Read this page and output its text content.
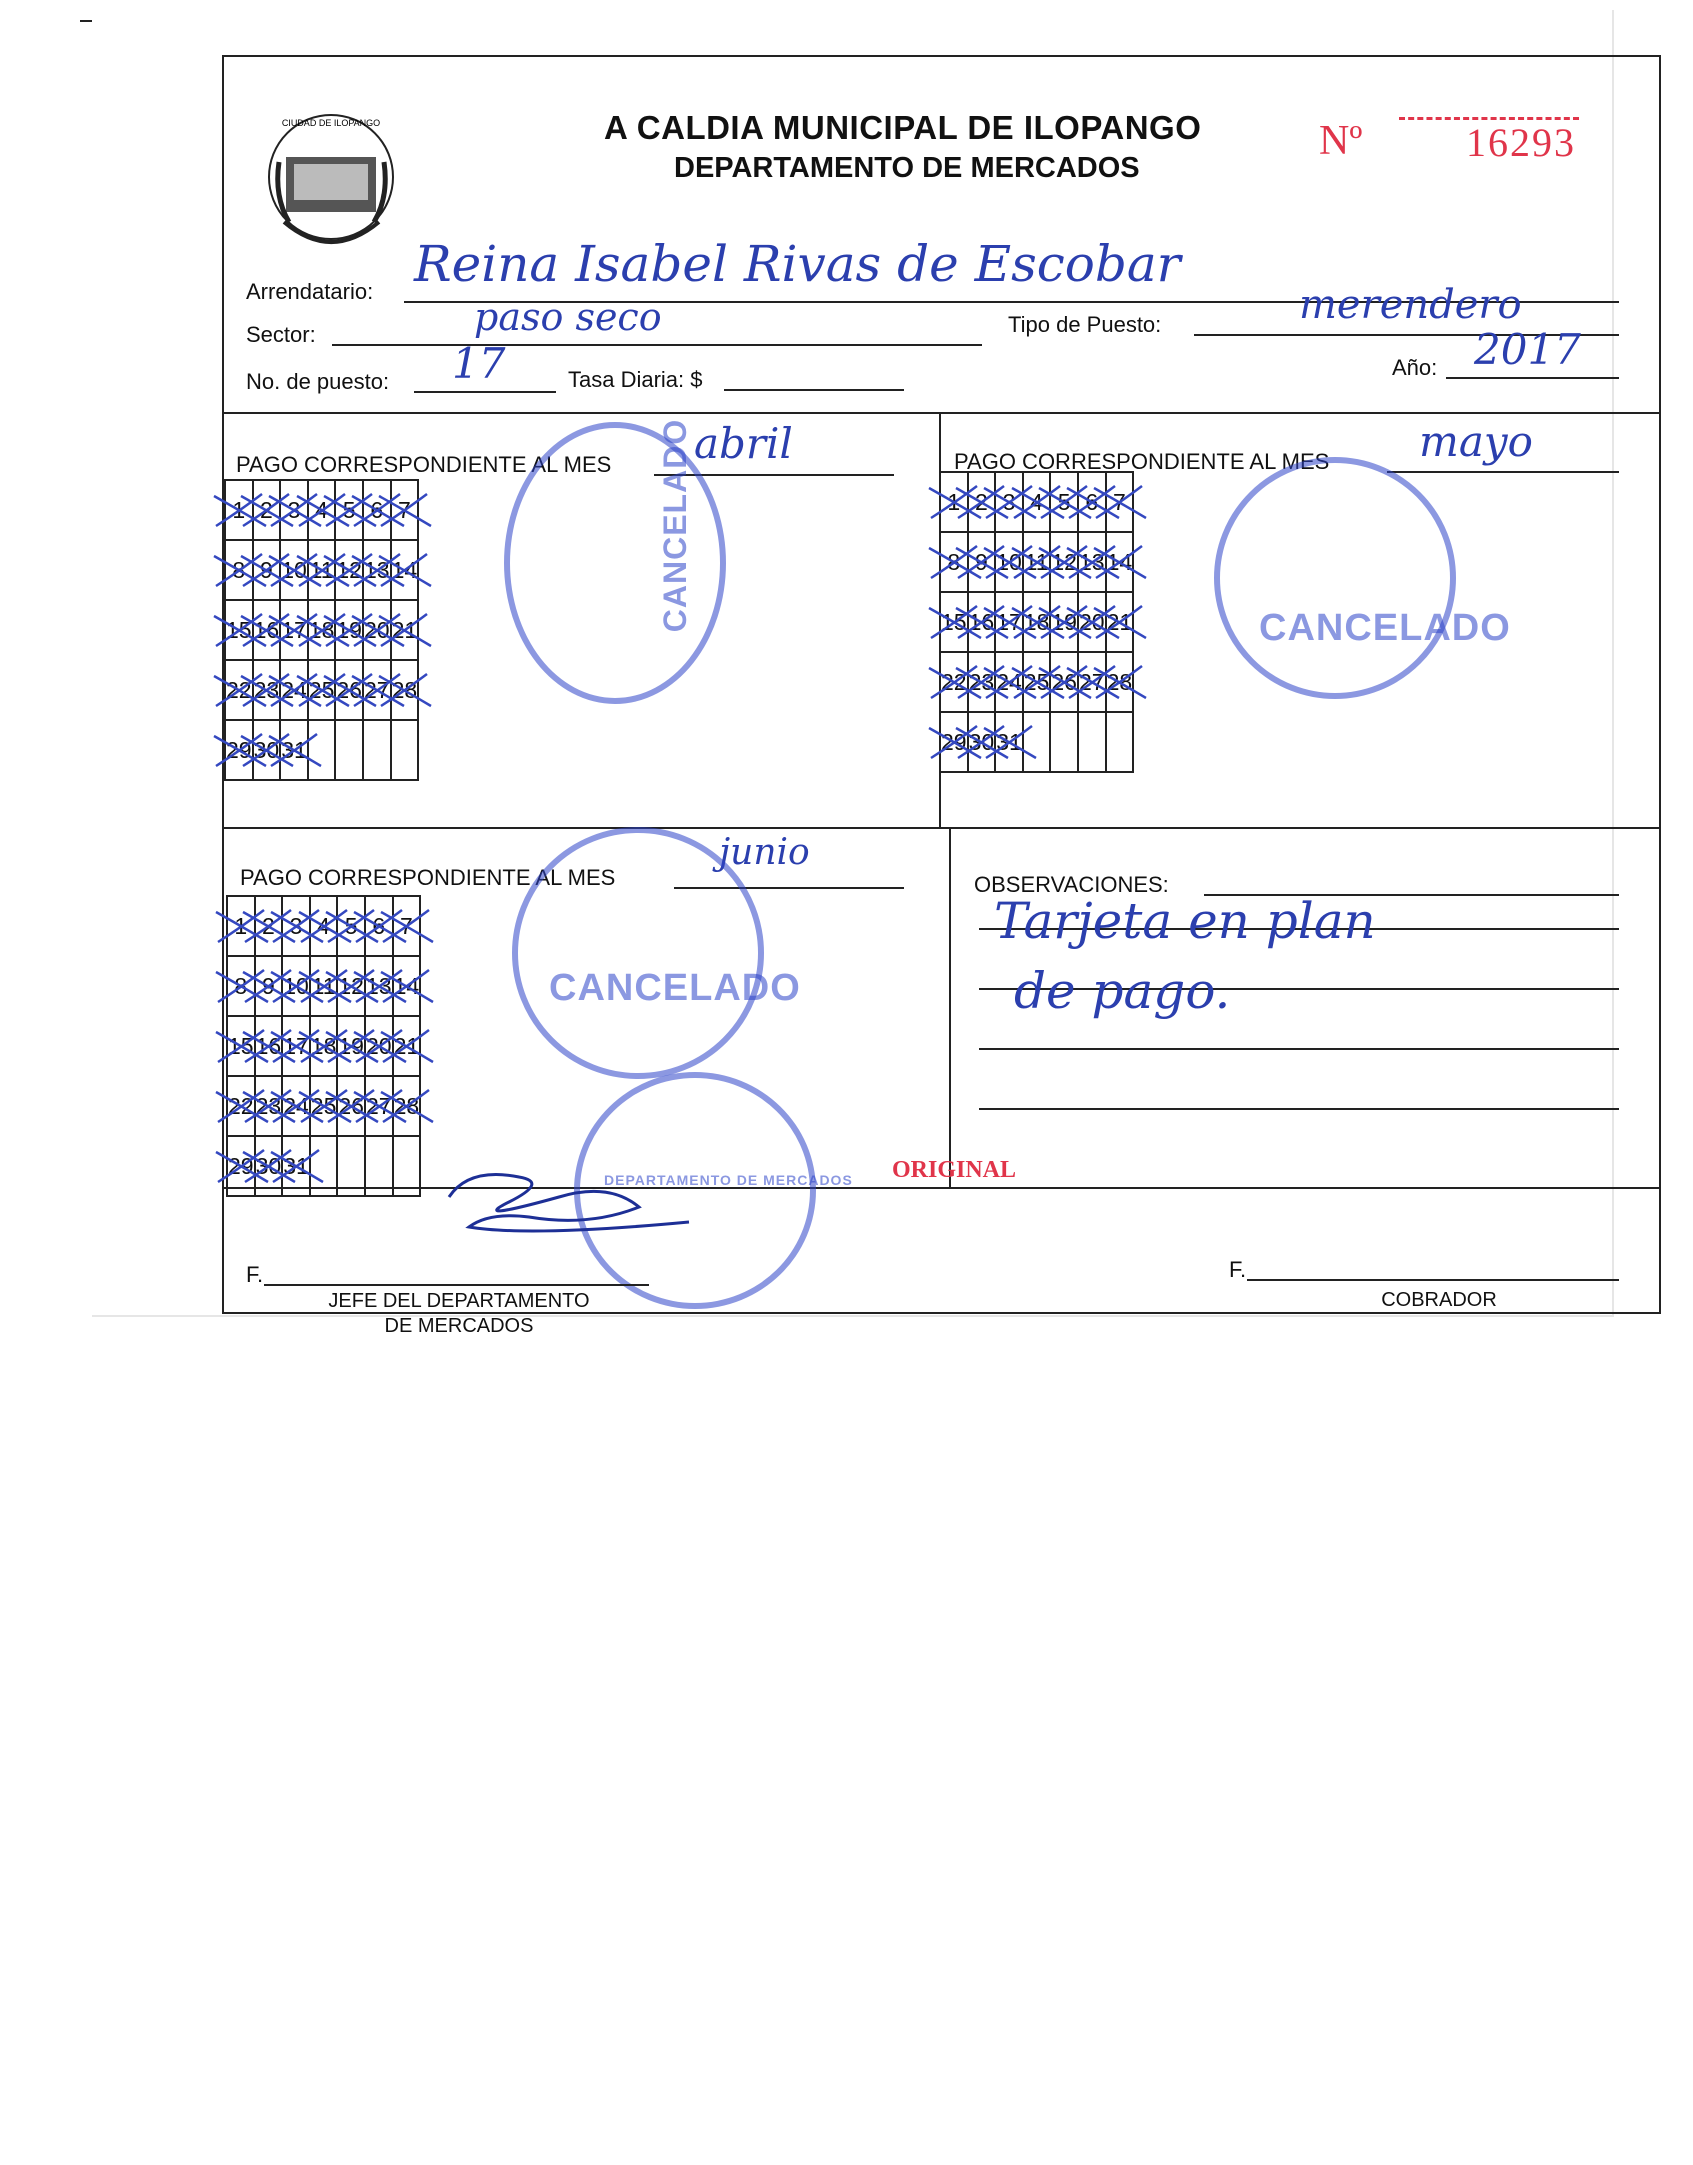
CIUDAD DE ILOPANGO	A CALDIA MUNICIPAL DE ILOPANGO
DEPARTAMENTO DE MERCADOS
Nº	16293
Arrendatario: Reina Isabel Rivas de Escobar
Sector:	paso seco	Tipo de Puesto:	merendero
No. de puesto: 17	Tasa Diaria: $	Año: 2017
PAGO CORRESPONDIENTE AL MES abril
1	2	3	4	5	6	7

8	9	10	11	12	13	14

15	16	17	18	19	20	21

22	23	24	25	26	27	28

29	30	31

PAGO CORRESPONDIENTE AL MES mayo
1	2	3	4	5	6	7

8	9	10	11	12	13	14

15	16	17	18	19	20	21

22	23	24	25	26	27	28

29	30	31

PAGO CORRESPONDIENTE AL MES
junio
1	2	3	4	5	6	7

8	9	10	11	12	13	14

15	16	17	18	19	20	21

22	23	24	25	26	27	28

29	30	31

OBSERVACIONES:
Tarjeta en plan
de pago.
CANCELADO	CANCELADO
CANCELADO
DEPARTAMENTO DE MERCADOS ORIGINAL
F.
JEFE DEL DEPARTAMENTO
DE MERCADOS
F.
COBRADOR
